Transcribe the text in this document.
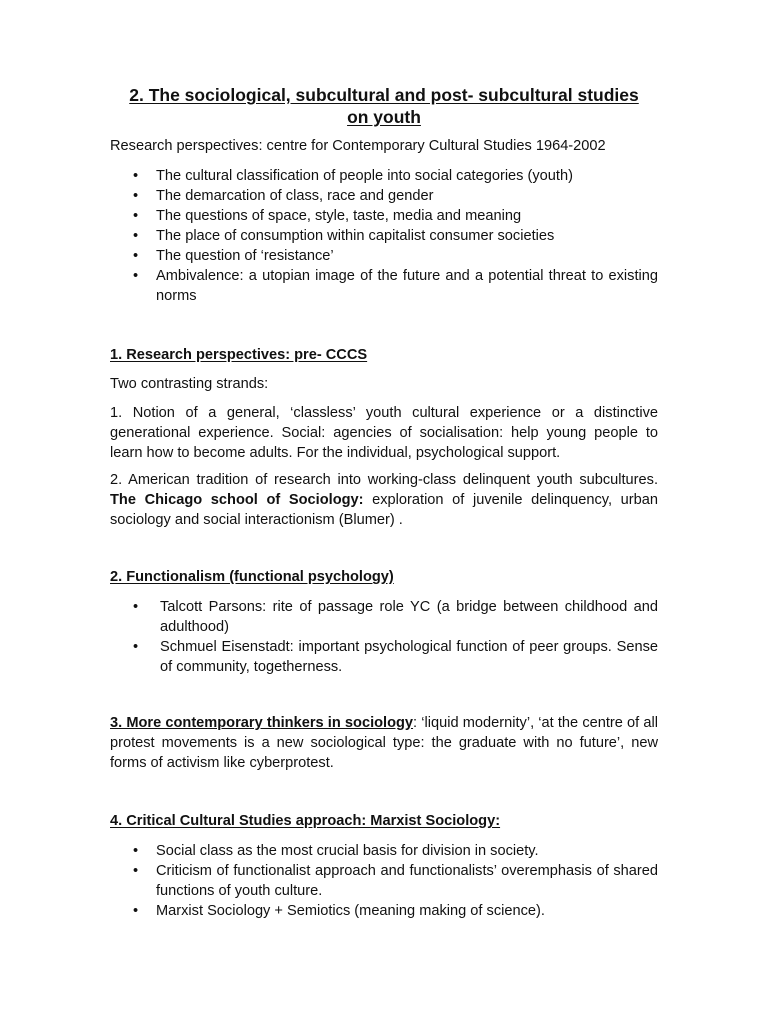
2. The sociological, subcultural and post- subcultural studies
on youth

Research perspectives: centre for Contemporary Cultural Studies 1964-2002

• The cultural classification of people into social categories (youth)
• The demarcation of class, race and gender
• The questions of space, style, taste, media and meaning
• The place of consumption within capitalist consumer societies
• The question of ‘resistance’
• Ambivalence: a utopian image of the future and a potential threat to existing norms
1. Research perspectives: pre- CCCS

Two contrasting strands:

1. Notion of a general, ‘classless’ youth cultural experience or a distinctive generational experience. Social: agencies of socialisation: help young people to learn how to become adults. For the individual, psychological support.

2. American tradition of research into working-class delinquent youth subcultures. The Chicago school of Sociology: exploration of juvenile delinquency, urban sociology and social interactionism (Blumer) .

2. Functionalism (functional psychology)
• Talcott Parsons: rite of passage role YC (a bridge between childhood and adulthood)
• Schmuel Eisenstadt: important psychological function of peer groups. Sense of community, togetherness.

3. More contemporary thinkers in sociology: ‘liquid modernity’, ‘at the centre of all protest movements is a new sociological type: the graduate with no future’, new forms of activism like cyberprotest.

4. Critical Cultural Studies approach: Marxist Sociology:
• Social class as the most crucial basis for division in society.
• Criticism of functionalist approach and functionalists’ overemphasis of shared functions of youth culture.
• Marxist Sociology + Semiotics (meaning making of science).
